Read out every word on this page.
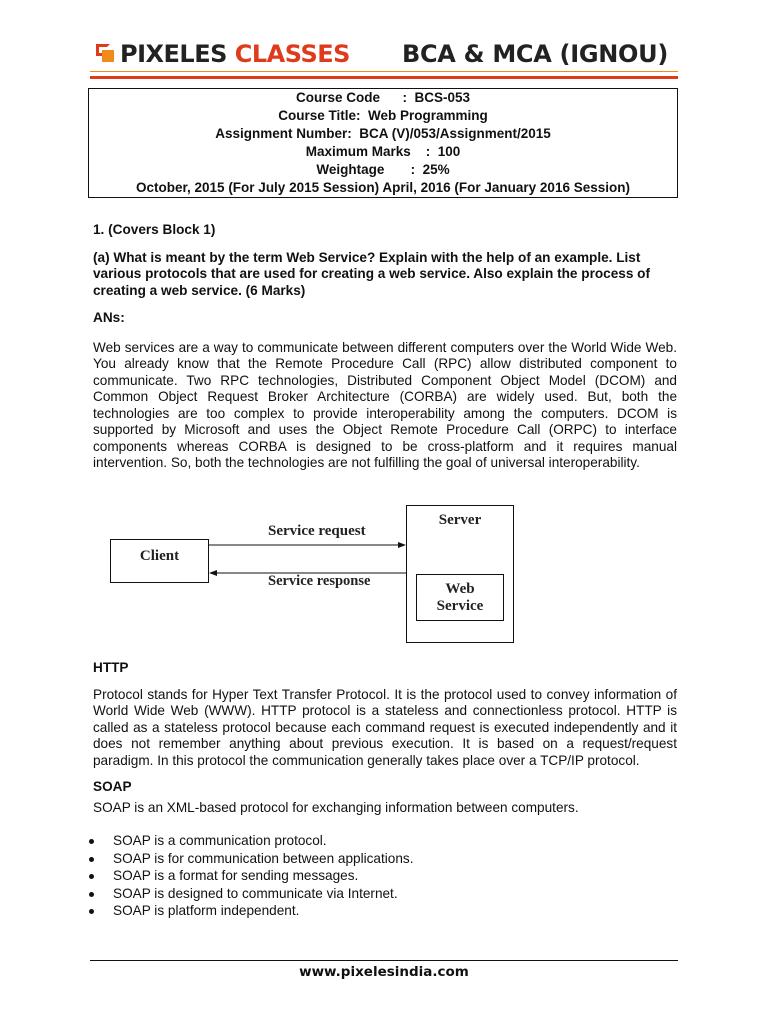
PIXELES CLASSES BCA & MCA (IGNOU)
Course Code      :  BCS-053
Course Title:  Web Programming
Assignment Number:  BCA (V)/053/Assignment/2015
Maximum Marks    :  100
Weightage       :  25%
October, 2015 (For July 2015 Session) April, 2016 (For January 2016 Session)

1. (Covers Block 1)

(a) What is meant by the term Web Service? Explain with the help of an example. List various protocols that are used for creating a web service. Also explain the process of creating a web service. (6 Marks)

ANs:

Web services are a way to communicate between different computers over the World Wide Web. You already know that the Remote Procedure Call (RPC) allow distributed component to communicate. Two RPC technologies, Distributed Component Object Model (DCOM) and Common Object Request Broker Architecture (CORBA) are widely used. But, both the technologies are too complex to provide interoperability among the computers. DCOM is supported by Microsoft and uses the Object Remote Procedure Call (ORPC) to interface components whereas CORBA is designed to be cross-platform and it requires manual intervention. So, both the technologies are not fulfilling the goal of universal interoperability.

Client
Server
Web
Service
Service request
Service response

HTTP

Protocol stands for Hyper Text Transfer Protocol. It is the protocol used to convey information of World Wide Web (WWW). HTTP protocol is a stateless and connectionless protocol. HTTP is called as a stateless protocol because each command request is executed independently and it does not remember anything about previous execution. It is based on a request/request paradigm. In this protocol the communication generally takes place over a TCP/IP protocol.

SOAP

SOAP is an XML-based protocol for exchanging information between computers.

SOAP is a communication protocol.
SOAP is for communication between applications.
SOAP is a format for sending messages.
SOAP is designed to communicate via Internet.
SOAP is platform independent.
www.pixelesindia.com
